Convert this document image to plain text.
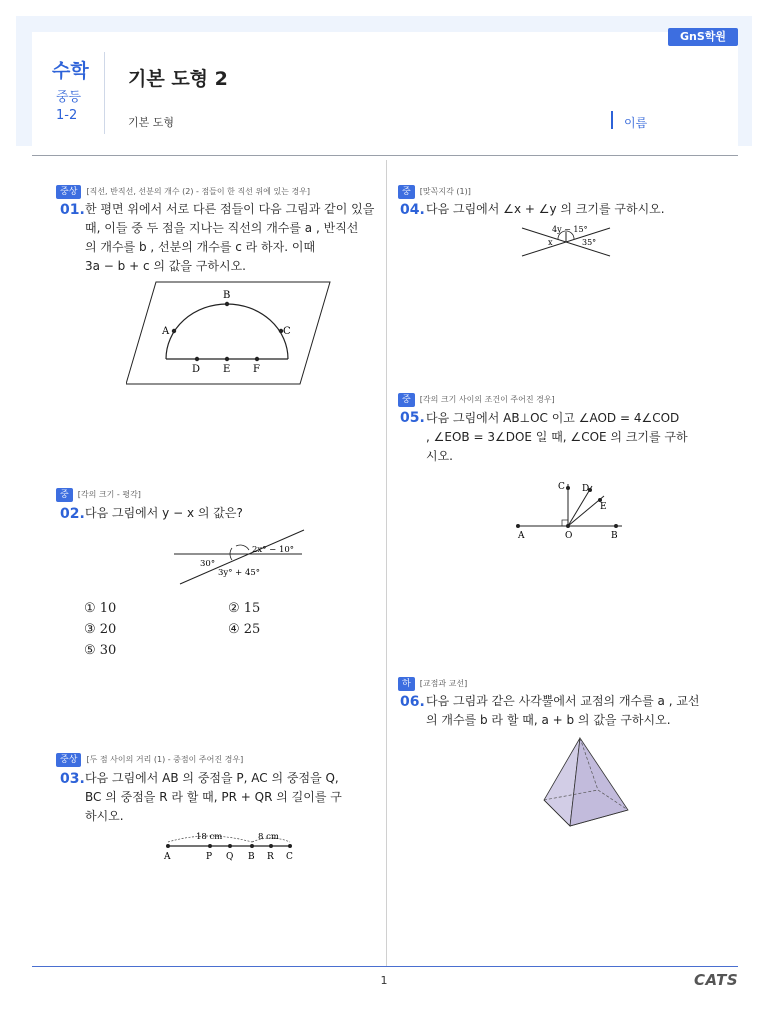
GnS학원
수학
중등
1-2
기본 도형 2
기본 도형	이름
중상 [직선, 반직선, 선분의 개수 (2) - 점들이 한 직선 위에 있는 경우]
01. 한 평면 위에서 서로 다른 점들이 다음 그림과 같이 있을
때, 이들 중 두 점을 지나는 직선의 개수를 a , 반직선
의 개수를 b , 선분의 개수를 c 라 하자. 이때
3a − b + c 의 값을 구하시오.
B
A	C
D E F
중 [각의 크기 - 평각]
02. 다음 그림에서 y − x 의 값은?
2x° − 10°
30°
3y° + 45°
① 10	② 15
③ 20	④ 25
⑤ 30
중상 [두 점 사이의 거리 (1) - 중점이 주어진 경우]
03. 다음 그림에서 AB 의 중점을 P, AC 의 중점을 Q,
BC 의 중점을 R 라 할 때, PR + QR 의 길이를 구
하시오.
18 cm	8 cm
A	P Q B R C
중 [맞꼭지각 (1)]
04. 다음 그림에서 ∠x + ∠y 의 크기를 구하시오.
4y − 15°
x	35°
중 [각의 크기 사이의 조건이 주어진 경우]
05. 다음 그림에서 AB⊥OC 이고 ∠AOD = 4∠COD
, ∠EOB = 3∠DOE 일 때, ∠COE 의 크기를 구하
시오.
C D
E
A	O	B
하 [교점과 교선]
06. 다음 그림과 같은 사각뿔에서 교점의 개수를 a , 교선
의 개수를 b 라 할 때, a + b 의 값을 구하시오.
1	CATS
